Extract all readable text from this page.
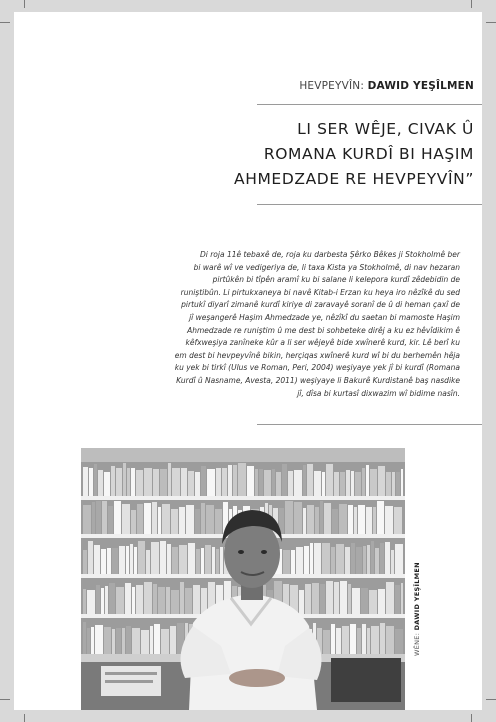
HEVPEYVÎN: DAWID YEŞÎLMEN
LI SER WÊJE, CIVAK Û
ROMANA KURDÎ BI HAŞIM
AHMEDZADE RE HEVPEYVÎN”
Di roja 11ê tebaxê de, roja ku darbesta Şêrko Bêkes ji Stokholmê ber
bi warê wî ve vedigeriya de, li taxa Kista ya Stokholmê, di nav hezaran
pirtûkên bi tîpên aramî ku bi salane li kelepora kurdî zêdebidin de
runiştibûn. Li pirtukxaneya bi navê Kitab-i Erzan ku heya iro nêzîkê du sed
pirtukî diyarî zimanê kurdî kiriye di zaravayê soranî de û di heman çaxî de
jî weşangerê Haşim Ahmedzade ye, nêzîkî du saetan bi mamoste Haşim
Ahmedzade re runiştim û me dest bi sohbeteke dirêj a ku ez hêvîdikim ê
kêfxweşiya zanîneke kûr a li ser wêjeyê bide xwînerê kurd, kir. Lê berî ku
em dest bi hevpeyvînê bikin, herçiqas xwînerê kurd wî bi du berhemên hêja
ku yek bi tirkî (Ulus ve Roman, Peri, 2004) weşiyaye yek jî bi kurdî (Romana
Kurdî û Nasname, Avesta, 2011) weşiyaye li Bakurê Kurdistanê baş nasdike
jî, dîsa bi kurtasî dixwazim wî bidime nasîn.
WÊNE: DAWID YEŞÎLMEN
